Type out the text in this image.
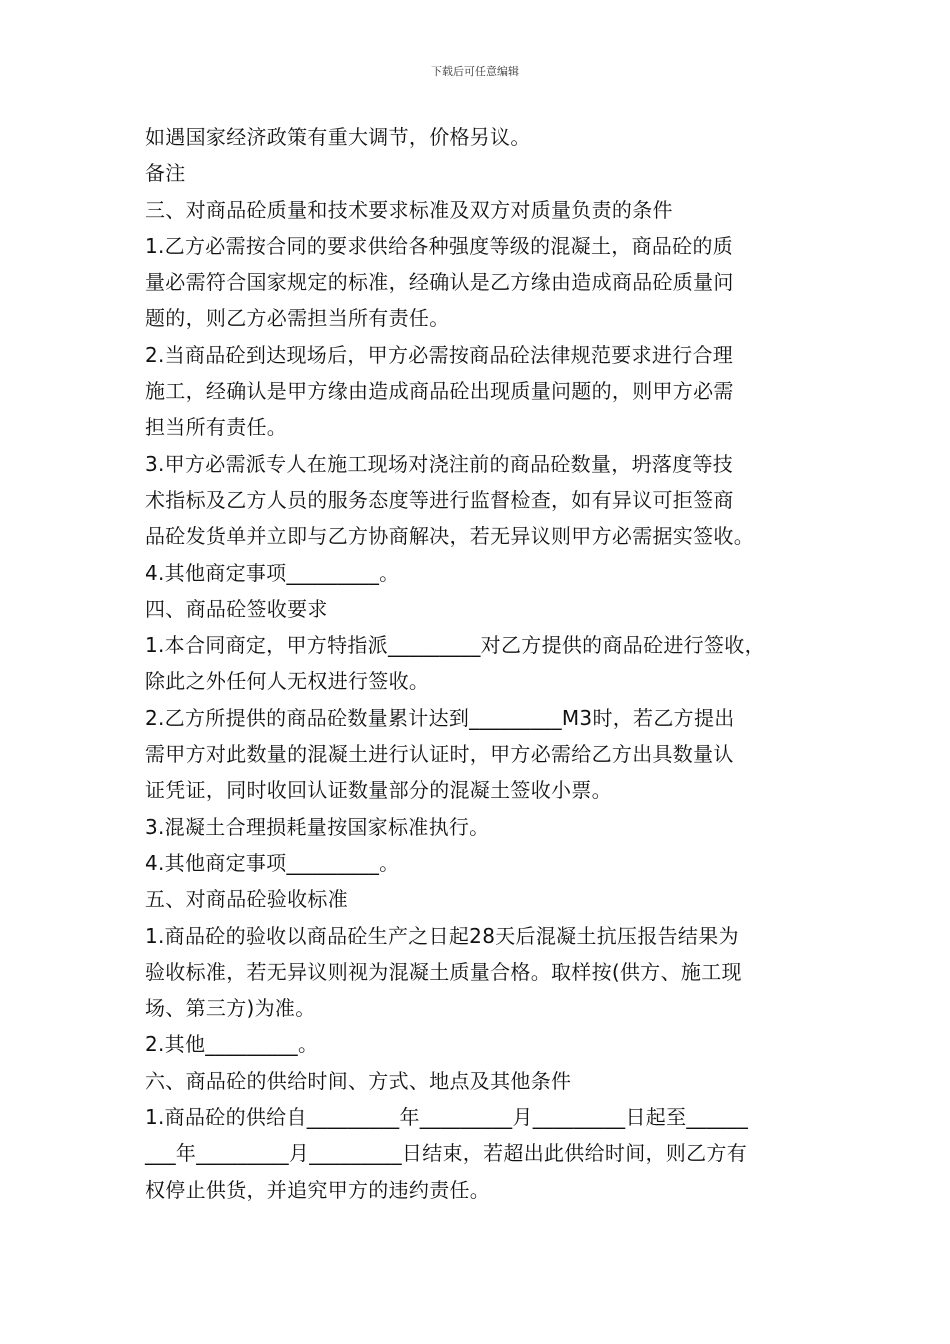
下载后可任意编辑
如遇国家经济政策有重大调节，价格另议。
备注
三、对商品砼质量和技术要求标准及双方对质量负责的条件
1.乙方必需按合同的要求供给各种强度等级的混凝土，商品砼的质
量必需符合国家规定的标准，经确认是乙方缘由造成商品砼质量问
题的，则乙方必需担当所有责任。
2.当商品砼到达现场后，甲方必需按商品砼法律规范要求进行合理
施工，经确认是甲方缘由造成商品砼出现质量问题的，则甲方必需
担当所有责任。
3.甲方必需派专人在施工现场对浇注前的商品砼数量，坍落度等技
术指标及乙方人员的服务态度等进行监督检查，如有异议可拒签商
品砼发货单并立即与乙方协商解决，若无异议则甲方必需据实签收。
4.其他商定事项_________。
四、商品砼签收要求
1.本合同商定，甲方特指派_________对乙方提供的商品砼进行签收，
除此之外任何人无权进行签收。
2.乙方所提供的商品砼数量累计达到_________M3时，若乙方提出
需甲方对此数量的混凝土进行认证时，甲方必需给乙方出具数量认
证凭证，同时收回认证数量部分的混凝土签收小票。
3.混凝土合理损耗量按国家标准执行。
4.其他商定事项_________。
五、对商品砼验收标准
1.商品砼的验收以商品砼生产之日起28天后混凝土抗压报告结果为
验收标准，若无异议则视为混凝土质量合格。取样按(供方、施工现
场、第三方)为准。
2.其他_________。
六、商品砼的供给时间、方式、地点及其他条件
1.商品砼的供给自_________年_________月_________日起至______
___年_________月_________日结束，若超出此供给时间，则乙方有
权停止供货，并追究甲方的违约责任。
